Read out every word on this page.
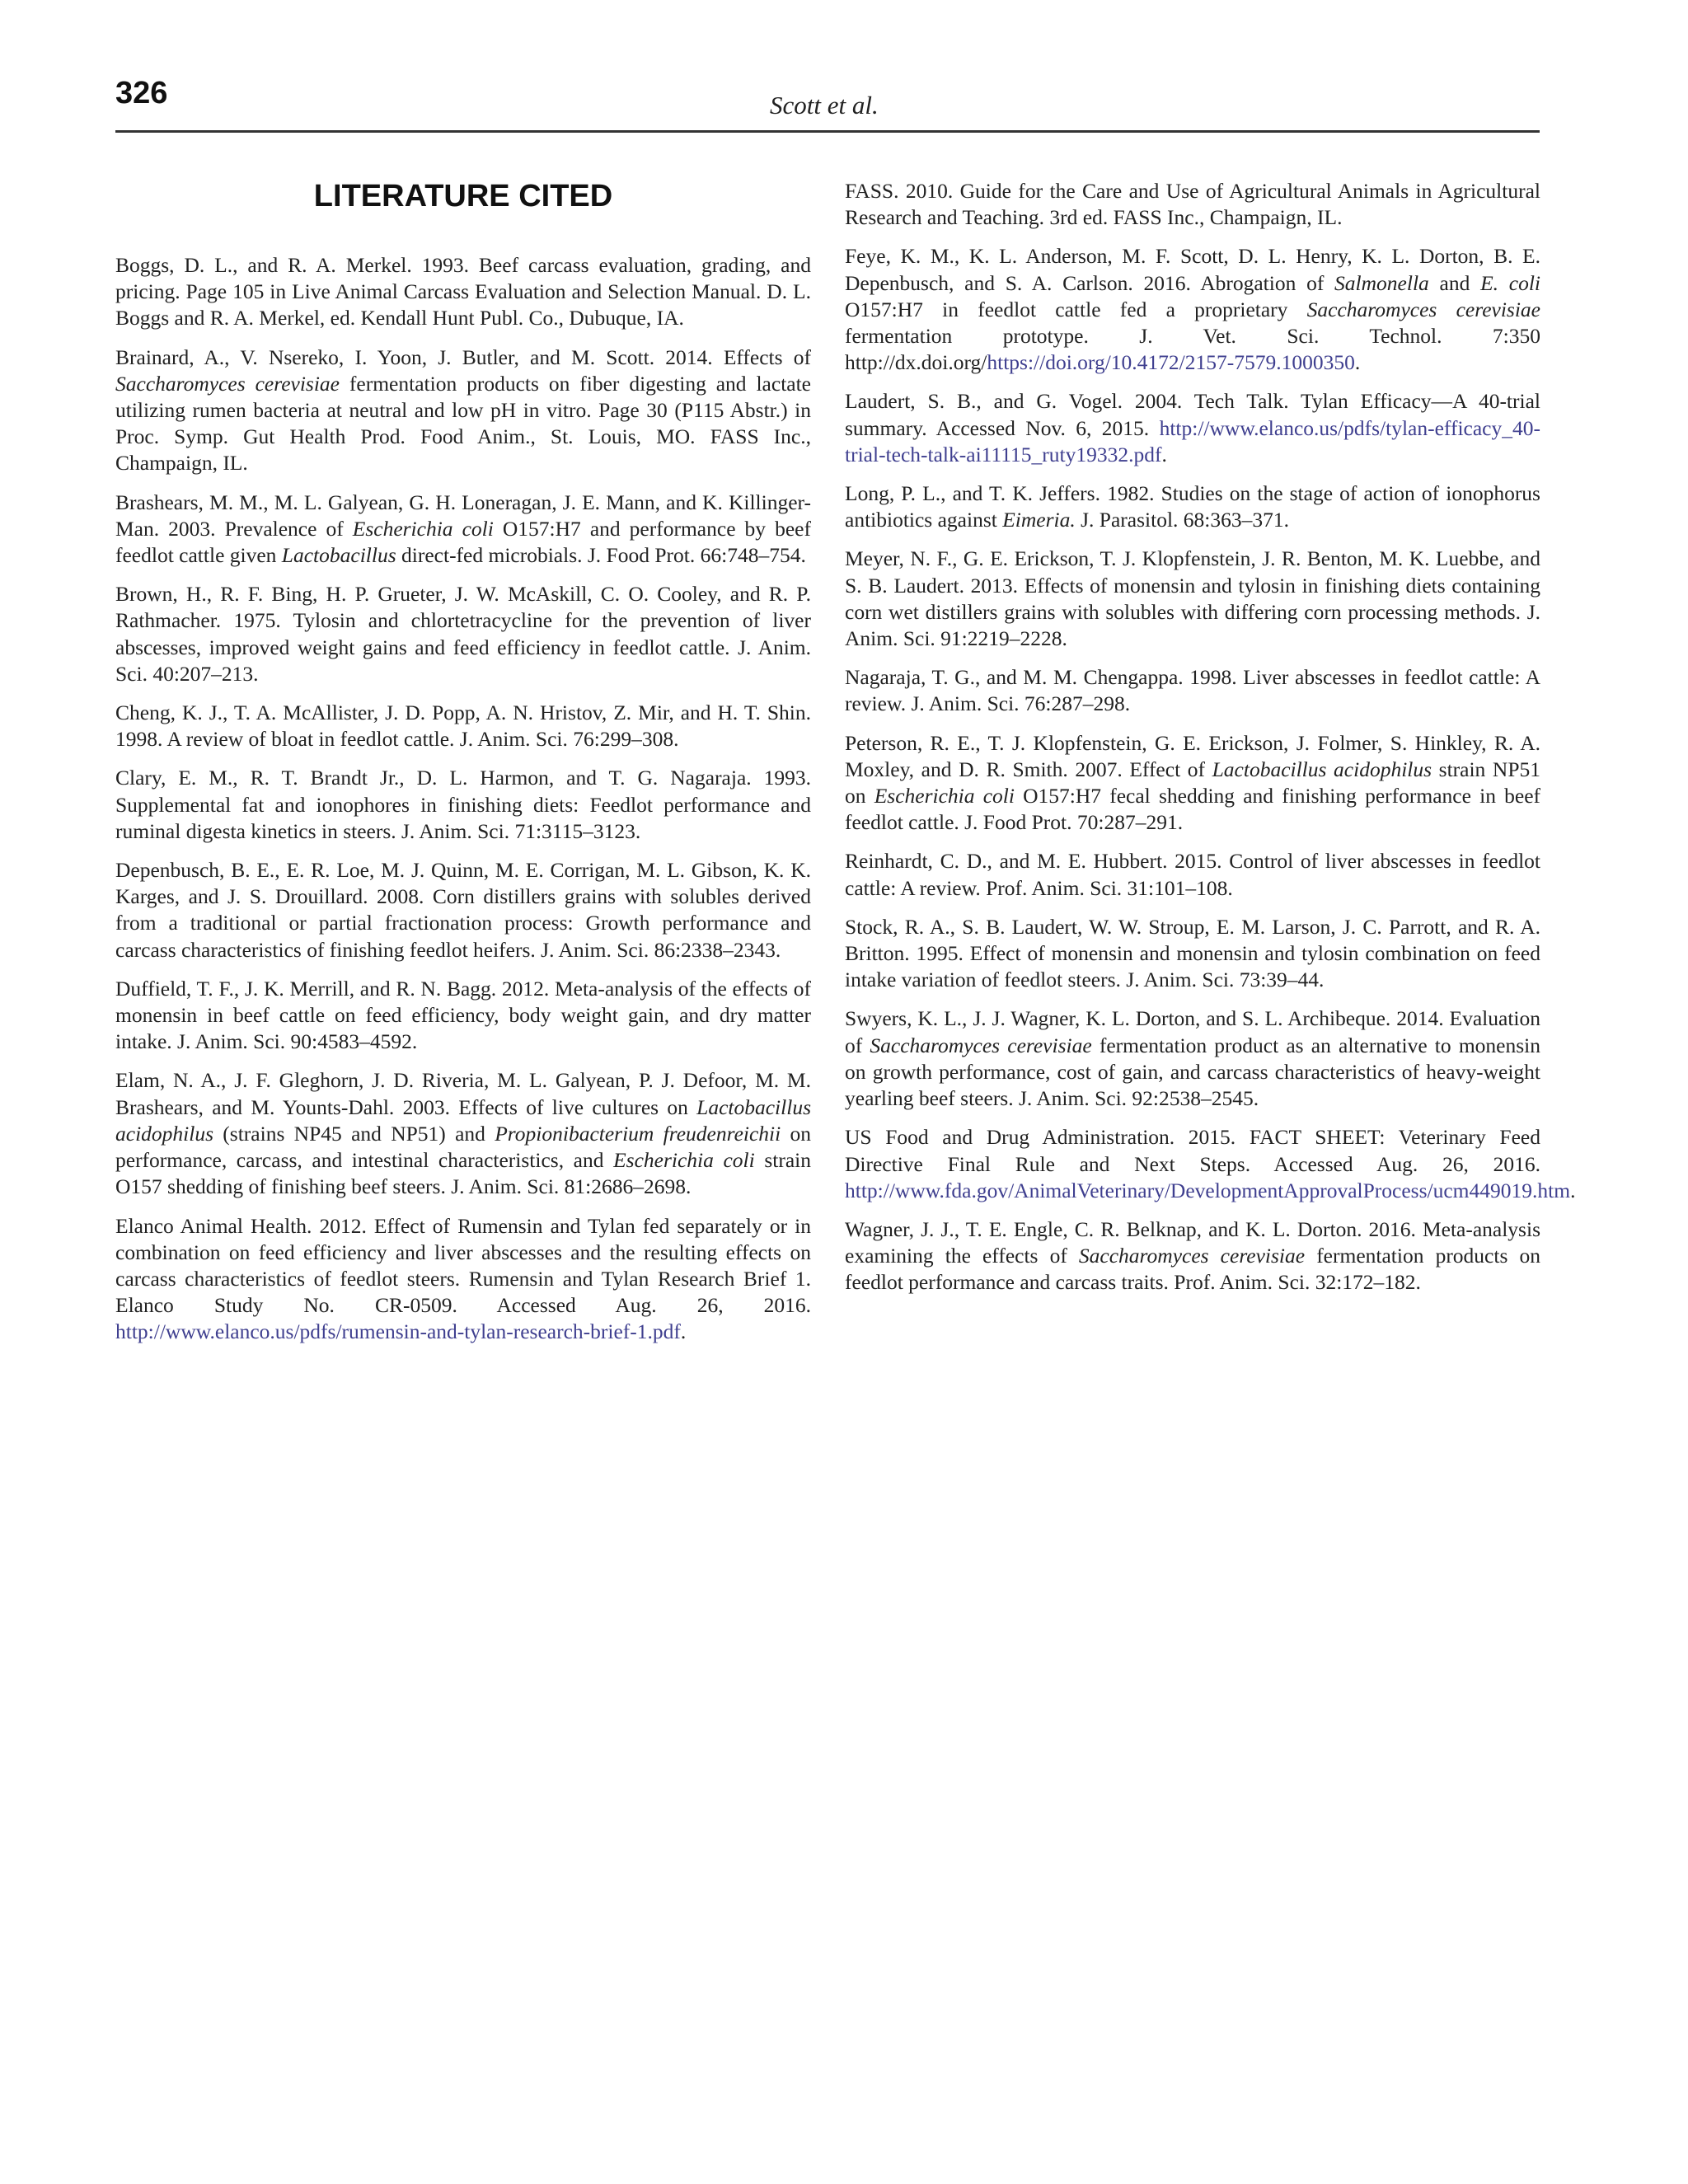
326	Scott et al.
LITERATURE CITED

Boggs, D. L., and R. A. Merkel. 1993. Beef carcass evaluation, grading, and pricing. Page 105 in Live Animal Carcass Evaluation and Selection Manual. D. L. Boggs and R. A. Merkel, ed. Kendall Hunt Publ. Co., Dubuque, IA.

Brainard, A., V. Nsereko, I. Yoon, J. Butler, and M. Scott. 2014. Effects of Saccharomyces cerevisiae fermentation products on fiber digesting and lactate utilizing rumen bacteria at neutral and low pH in vitro. Page 30 (P115 Abstr.) in Proc. Symp. Gut Health Prod. Food Anim., St. Louis, MO. FASS Inc., Champaign, IL.

Brashears, M. M., M. L. Galyean, G. H. Loneragan, J. E. Mann, and K. Killinger-Man. 2003. Prevalence of Escherichia coli O157:H7 and performance by beef feedlot cattle given Lactobacillus direct-fed microbials. J. Food Prot. 66:748–754.

Brown, H., R. F. Bing, H. P. Grueter, J. W. McAskill, C. O. Cooley, and R. P. Rathmacher. 1975. Tylosin and chlortetracycline for the prevention of liver abscesses, improved weight gains and feed efficiency in feedlot cattle. J. Anim. Sci. 40:207–213.

Cheng, K. J., T. A. McAllister, J. D. Popp, A. N. Hristov, Z. Mir, and H. T. Shin. 1998. A review of bloat in feedlot cattle. J. Anim. Sci. 76:299–308.

Clary, E. M., R. T. Brandt Jr., D. L. Harmon, and T. G. Nagaraja. 1993. Supplemental fat and ionophores in finishing diets: Feedlot performance and ruminal digesta kinetics in steers. J. Anim. Sci. 71:3115–3123.

Depenbusch, B. E., E. R. Loe, M. J. Quinn, M. E. Corrigan, M. L. Gibson, K. K. Karges, and J. S. Drouillard. 2008. Corn distillers grains with solubles derived from a traditional or partial fractionation process: Growth performance and carcass characteristics of finishing feedlot heifers. J. Anim. Sci. 86:2338–2343.

Duffield, T. F., J. K. Merrill, and R. N. Bagg. 2012. Meta-analysis of the effects of monensin in beef cattle on feed efficiency, body weight gain, and dry matter intake. J. Anim. Sci. 90:4583–4592.

Elam, N. A., J. F. Gleghorn, J. D. Riveria, M. L. Galyean, P. J. Defoor, M. M. Brashears, and M. Younts-Dahl. 2003. Effects of live cultures on Lactobacillus acidophilus (strains NP45 and NP51) and Propionibacterium freudenreichii on performance, carcass, and intestinal characteristics, and Escherichia coli strain O157 shedding of finishing beef steers. J. Anim. Sci. 81:2686–2698.

Elanco Animal Health. 2012. Effect of Rumensin and Tylan fed separately or in combination on feed efficiency and liver abscesses and the resulting effects on carcass characteristics of feedlot steers. Rumensin and Tylan Research Brief 1. Elanco Study No. CR-0509. Accessed Aug. 26, 2016. http://www.elanco.us/pdfs/rumensin-and-tylan-research-brief-1.pdf.

FASS. 2010. Guide for the Care and Use of Agricultural Animals in Agricultural Research and Teaching. 3rd ed. FASS Inc., Champaign, IL.

Feye, K. M., K. L. Anderson, M. F. Scott, D. L. Henry, K. L. Dorton, B. E. Depenbusch, and S. A. Carlson. 2016. Abrogation of Salmonella and E. coli O157:H7 in feedlot cattle fed a proprietary Saccharomyces cerevisiae fermentation prototype. J. Vet. Sci. Technol. 7:350 http://dx.doi.org/https://doi.org/10.4172/2157-7579.1000350.

Laudert, S. B., and G. Vogel. 2004. Tech Talk. Tylan Efficacy—A 40-trial summary. Accessed Nov. 6, 2015. http://www.elanco.us/pdfs/tylan-efficacy_40-trial-tech-talk-ai11115_ruty19332.pdf.

Long, P. L., and T. K. Jeffers. 1982. Studies on the stage of action of ionophorus antibiotics against Eimeria. J. Parasitol. 68:363–371.

Meyer, N. F., G. E. Erickson, T. J. Klopfenstein, J. R. Benton, M. K. Luebbe, and S. B. Laudert. 2013. Effects of monensin and tylosin in finishing diets containing corn wet distillers grains with solubles with differing corn processing methods. J. Anim. Sci. 91:2219–2228.

Nagaraja, T. G., and M. M. Chengappa. 1998. Liver abscesses in feedlot cattle: A review. J. Anim. Sci. 76:287–298.

Peterson, R. E., T. J. Klopfenstein, G. E. Erickson, J. Folmer, S. Hinkley, R. A. Moxley, and D. R. Smith. 2007. Effect of Lactobacillus acidophilus strain NP51 on Escherichia coli O157:H7 fecal shedding and finishing performance in beef feedlot cattle. J. Food Prot. 70:287–291.

Reinhardt, C. D., and M. E. Hubbert. 2015. Control of liver abscesses in feedlot cattle: A review. Prof. Anim. Sci. 31:101–108.

Stock, R. A., S. B. Laudert, W. W. Stroup, E. M. Larson, J. C. Parrott, and R. A. Britton. 1995. Effect of monensin and monensin and tylosin combination on feed intake variation of feedlot steers. J. Anim. Sci. 73:39–44.

Swyers, K. L., J. J. Wagner, K. L. Dorton, and S. L. Archibeque. 2014. Evaluation of Saccharomyces cerevisiae fermentation product as an alternative to monensin on growth performance, cost of gain, and carcass characteristics of heavy-weight yearling beef steers. J. Anim. Sci. 92:2538–2545.

US Food and Drug Administration. 2015. FACT SHEET: Veterinary Feed Directive Final Rule and Next Steps. Accessed Aug. 26, 2016. http://www.fda.gov/AnimalVeterinary/DevelopmentApprovalProcess/ucm449019.htm.

Wagner, J. J., T. E. Engle, C. R. Belknap, and K. L. Dorton. 2016. Meta-analysis examining the effects of Saccharomyces cerevisiae fermentation products on feedlot performance and carcass traits. Prof. Anim. Sci. 32:172–182.
